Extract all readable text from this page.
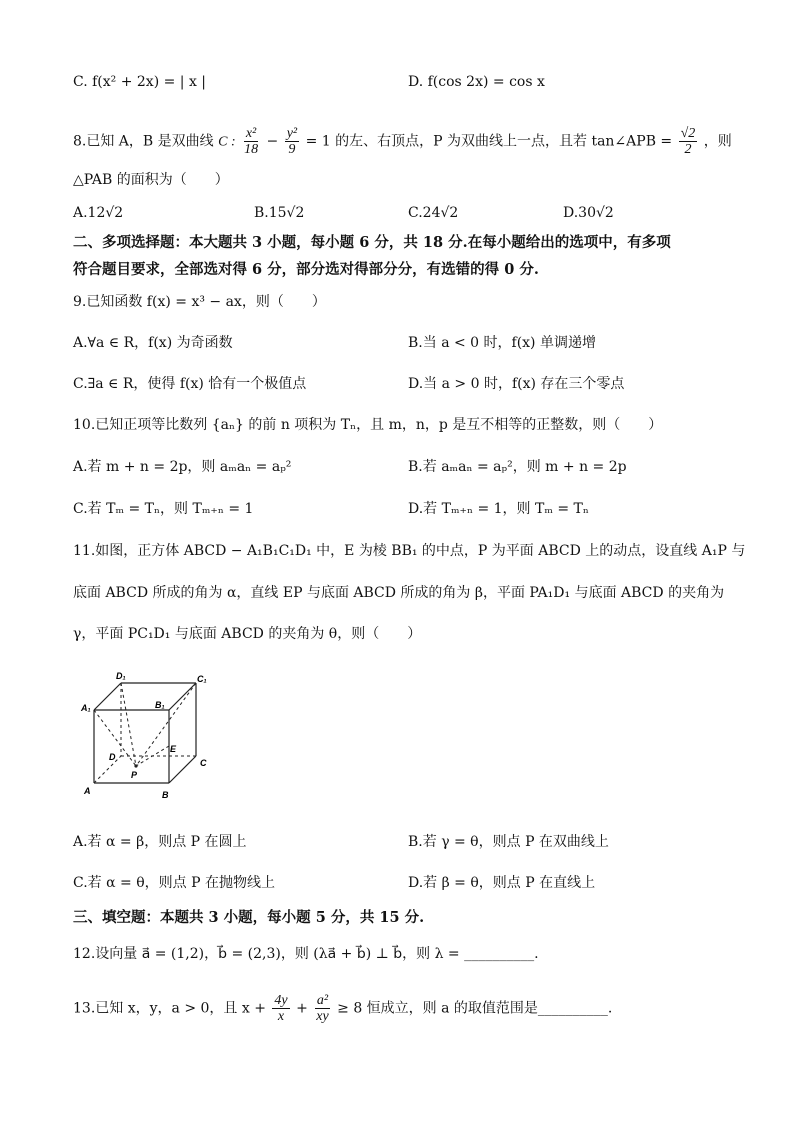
C. f(x² + 2x) = | x |	D. f(cos 2x) = cos x
8.已知 A，B 是双曲线 C : $\frac{\text{x²}}{18} - \frac{\text{y²}}{9} = 1$ 的左、右顶点，P 为双曲线上一点，且若 tan∠APB = $\frac{√2}{2}$ ，则
△PAB 的面积为（　　）
A.12√2	B.15√2	C.24√2	D.30√2
二、多项选择题：本大题共 3 小题，每小题 6 分，共 18 分.在每小题给出的选项中，有多项
符合题目要求，全部选对得 6 分，部分选对得部分分，有选错的得 0 分.
9.已知函数 f(x) = x³ − ax，则（　　）
A.∀a ∈ R，f(x) 为奇函数	B.当 a < 0 时，f(x) 单调递增
C.∃a ∈ R，使得 f(x) 恰有一个极值点	D.当 a > 0 时，f(x) 存在三个零点
10.已知正项等比数列 {aₙ} 的前 n 项积为 Tₙ，且 m，n，p 是互不相等的正整数，则（　　）
A.若 m + n = 2p，则 aₘaₙ = aₚ²	B.若 aₘaₙ = aₚ²，则 m + n = 2p
C.若 Tₘ = Tₙ，则 Tₘ₊ₙ = 1	D.若 Tₘ₊ₙ = 1，则 Tₘ = Tₙ
11.如图，正方体 ABCD − A₁B₁C₁D₁ 中，E 为棱 BB₁ 的中点，P 为平面 ABCD 上的动点，设直线 A₁P 与
底面 ABCD 所成的角为 α，直线 EP 与底面 ABCD 所成的角为 β，平面 PA₁D₁ 与底面 ABCD 的夹角为
γ，平面 PC₁D₁ 与底面 ABCD 的夹角为 θ，则（　　）
D₁	C₁
A₁	B₁
D
C
E
P
A	B
A.若 α = β，则点 P 在圆上	B.若 γ = θ，则点 P 在双曲线上
C.若 α = θ，则点 P 在抛物线上	D.若 β = θ，则点 P 在直线上
三、填空题：本题共 3 小题，每小题 5 分，共 15 分.
12.设向量 a⃗ = (1,2)，b⃗ = (2,3)，则 (λa⃗ + b⃗) ⊥ b⃗，则 λ = __________.
13.已知 x，y，a > 0，且 $x + \frac{4y}{x} + \frac{\text{a²}}{xy} \ge 8$ 恒成立，则 a 的取值范围是__________.
